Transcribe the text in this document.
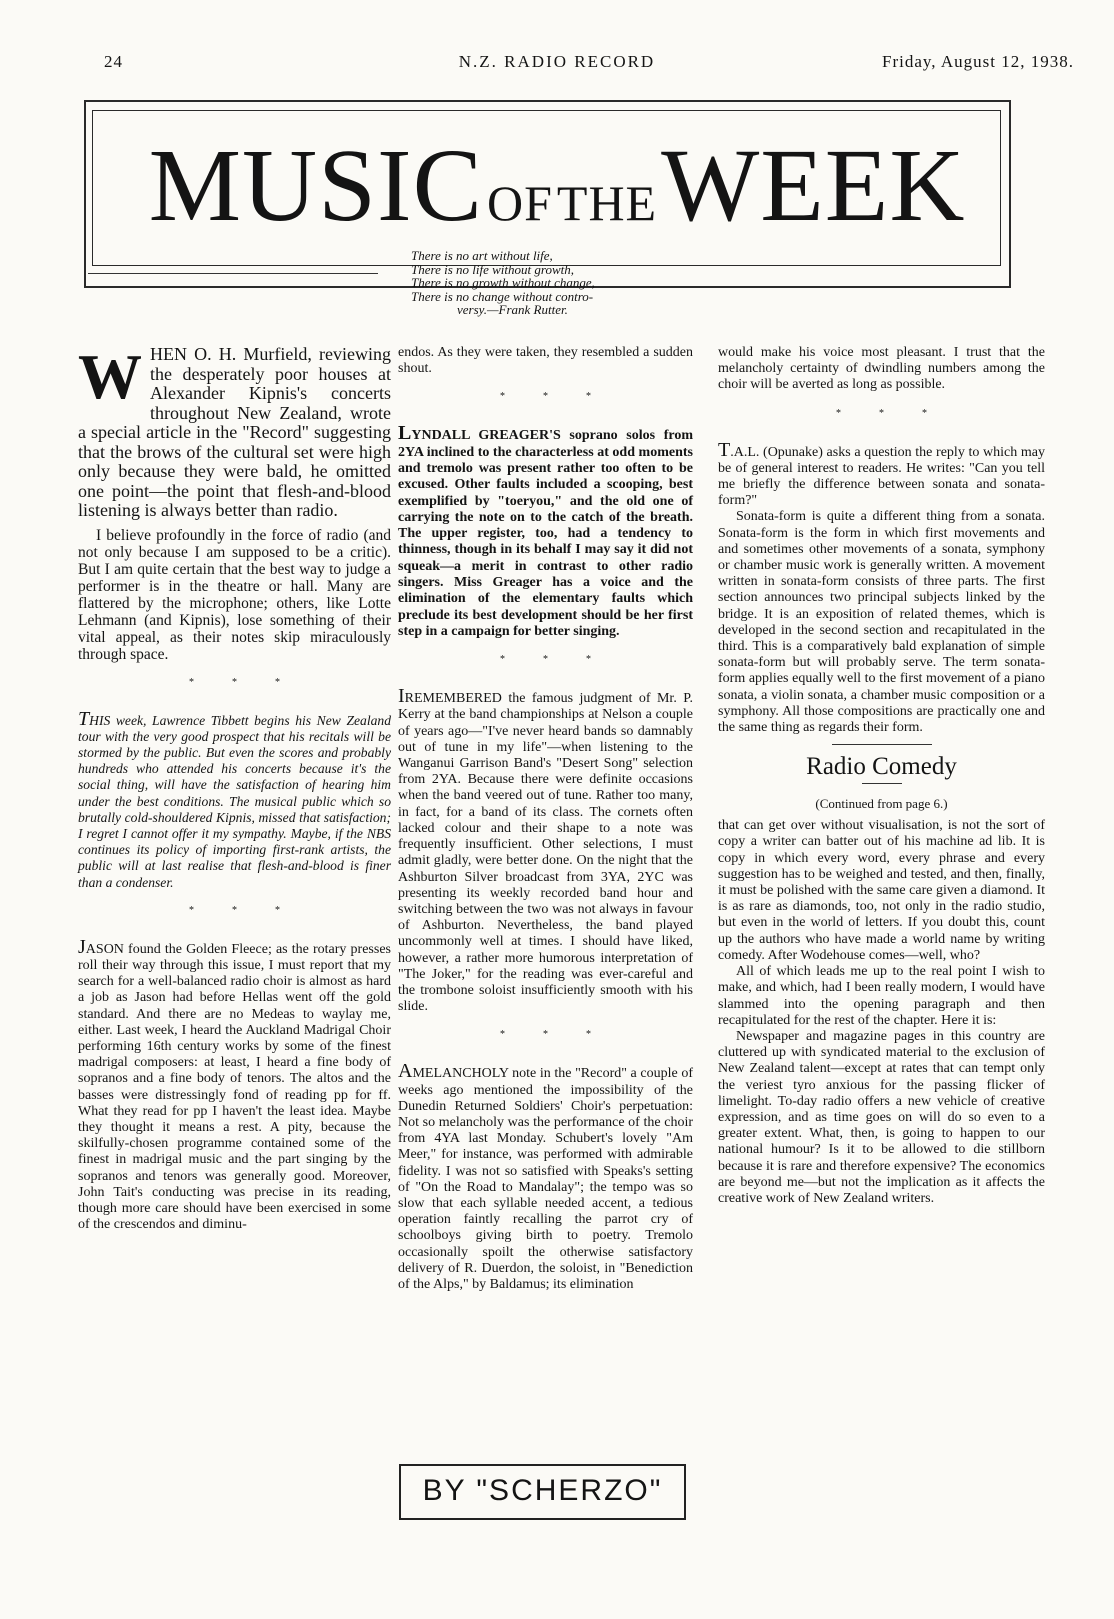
24	N.Z. RADIO RECORD	Friday, August 12, 1938.
MUSIC OF THE WEEK
There is no art without life,
There is no life without growth,
There is no growth without change,
There is no change without contro-
versy.—Frank Rutter.

WHEN O. H. Murfield, reviewing the desperately poor houses at Alexander Kipnis's concerts throughout New Zealand, wrote a special article in the "Record" suggesting that the brows of the cultural set were high only because they were bald, he omitted one point—the point that flesh-and-blood listening is always better than radio.

I believe profoundly in the force of radio (and not only because I am supposed to be a critic). But I am quite certain that the best way to judge a performer is in the theatre or hall. Many are flattered by the microphone; others, like Lotte Lehmann (and Kipnis), lose something of their vital appeal, as their notes skip miraculously through space.

***

THIS week, Lawrence Tibbett begins his New Zealand tour with the very good prospect that his recitals will be stormed by the public. But even the scores and probably hundreds who attended his concerts because it's the social thing, will have the satisfaction of hearing him under the best conditions. The musical public which so brutally cold-shouldered Kipnis, missed that satisfaction; I regret I cannot offer it my sympathy. Maybe, if the NBS continues its policy of importing first-rank artists, the public will at last realise that flesh-and-blood is finer than a condenser.

***

JASON found the Golden Fleece; as the rotary presses roll their way through this issue, I must report that my search for a well-balanced radio choir is almost as hard a job as Jason had before Hellas went off the gold standard. And there are no Medeas to waylay me, either. Last week, I heard the Auckland Madrigal Choir performing 16th century works by some of the finest madrigal composers: at least, I heard a fine body of sopranos and a fine body of tenors. The altos and the basses were distressingly fond of reading pp for ff. What they read for pp I haven't the least idea. Maybe they thought it means a rest. A pity, because the skilfully-chosen programme contained some of the finest in madrigal music and the part singing by the sopranos and tenors was generally good. Moreover, John Tait's conducting was precise in its reading, though more care should have been exercised in some of the crescendos and diminu-

endos. As they were taken, they resembled a sudden shout.

***

LYNDALL GREAGER'S soprano solos from 2YA inclined to the characterless at odd moments and tremolo was present rather too often to be excused. Other faults included a scooping, best exemplified by "toeryou," and the old one of carrying the note on to the catch of the breath. The upper register, too, had a tendency to thinness, though in its behalf I may say it did not squeak—a merit in contrast to other radio singers. Miss Greager has a voice and the elimination of the elementary faults which preclude its best development should be her first step in a campaign for better singing.

***

IREMEMBERED the famous judgment of Mr. P. Kerry at the band championships at Nelson a couple of years ago—"I've never heard bands so damnably out of tune in my life"—when listening to the Wanganui Garrison Band's "Desert Song" selection from 2YA. Because there were definite occasions when the band veered out of tune. Rather too many, in fact, for a band of its class. The cornets often lacked colour and their shape to a note was frequently insufficient. Other selections, I must admit gladly, were better done. On the night that the Ashburton Silver broadcast from 3YA, 2YC was presenting its weekly recorded band hour and switching between the two was not always in favour of Ashburton. Nevertheless, the band played uncommonly well at times. I should have liked, however, a rather more humorous interpretation of "The Joker," for the reading was ever-careful and the trombone soloist insufficiently smooth with his slide.

***

AMELANCHOLY note in the "Record" a couple of weeks ago mentioned the impossibility of the Dunedin Returned Soldiers' Choir's perpetuation: Not so melancholy was the performance of the choir from 4YA last Monday. Schubert's lovely "Am Meer," for instance, was performed with admirable fidelity. I was not so satisfied with Speaks's setting of "On the Road to Mandalay"; the tempo was so slow that each syllable needed accent, a tedious operation faintly recalling the parrot cry of schoolboys giving birth to poetry. Tremolo occasionally spoilt the otherwise satisfactory delivery of R. Duerdon, the soloist, in "Benediction of the Alps," by Baldamus; its elimination

BY "SCHERZO"

would make his voice most pleasant. I trust that the melancholy certainty of dwindling numbers among the choir will be averted as long as possible.

***

T.A.L. (Opunake) asks a question the reply to which may be of general interest to readers. He writes: "Can you tell me briefly the difference between sonata and sonata-form?"

Sonata-form is quite a different thing from a sonata. Sonata-form is the form in which first movements and and sometimes other movements of a sonata, symphony or chamber music work is generally written. A movement written in sonata-form consists of three parts. The first section announces two principal subjects linked by the bridge. It is an exposition of related themes, which is developed in the second section and recapitulated in the third. This is a comparatively bald explanation of simple sonata-form but will probably serve. The term sonata-form applies equally well to the first movement of a piano sonata, a violin sonata, a chamber music composition or a symphony. All those compositions are practically one and the same thing as regards their form.

Radio Comedy
(Continued from page 6.)

that can get over without visualisation, is not the sort of copy a writer can batter out of his machine ad lib. It is copy in which every word, every phrase and every suggestion has to be weighed and tested, and then, finally, it must be polished with the same care given a diamond. It is as rare as diamonds, too, not only in the radio studio, but even in the world of letters. If you doubt this, count up the authors who have made a world name by writing comedy. After Wodehouse comes—well, who?

All of which leads me up to the real point I wish to make, and which, had I been really modern, I would have slammed into the opening paragraph and then recapitulated for the rest of the chapter. Here it is:

Newspaper and magazine pages in this country are cluttered up with syndicated material to the exclusion of New Zealand talent—except at rates that can tempt only the veriest tyro anxious for the passing flicker of limelight. To-day radio offers a new vehicle of creative expression, and as time goes on will do so even to a greater extent. What, then, is going to happen to our national humour? Is it to be allowed to die stillborn because it is rare and therefore expensive? The economics are beyond me—but not the implication as it affects the creative work of New Zealand writers.
